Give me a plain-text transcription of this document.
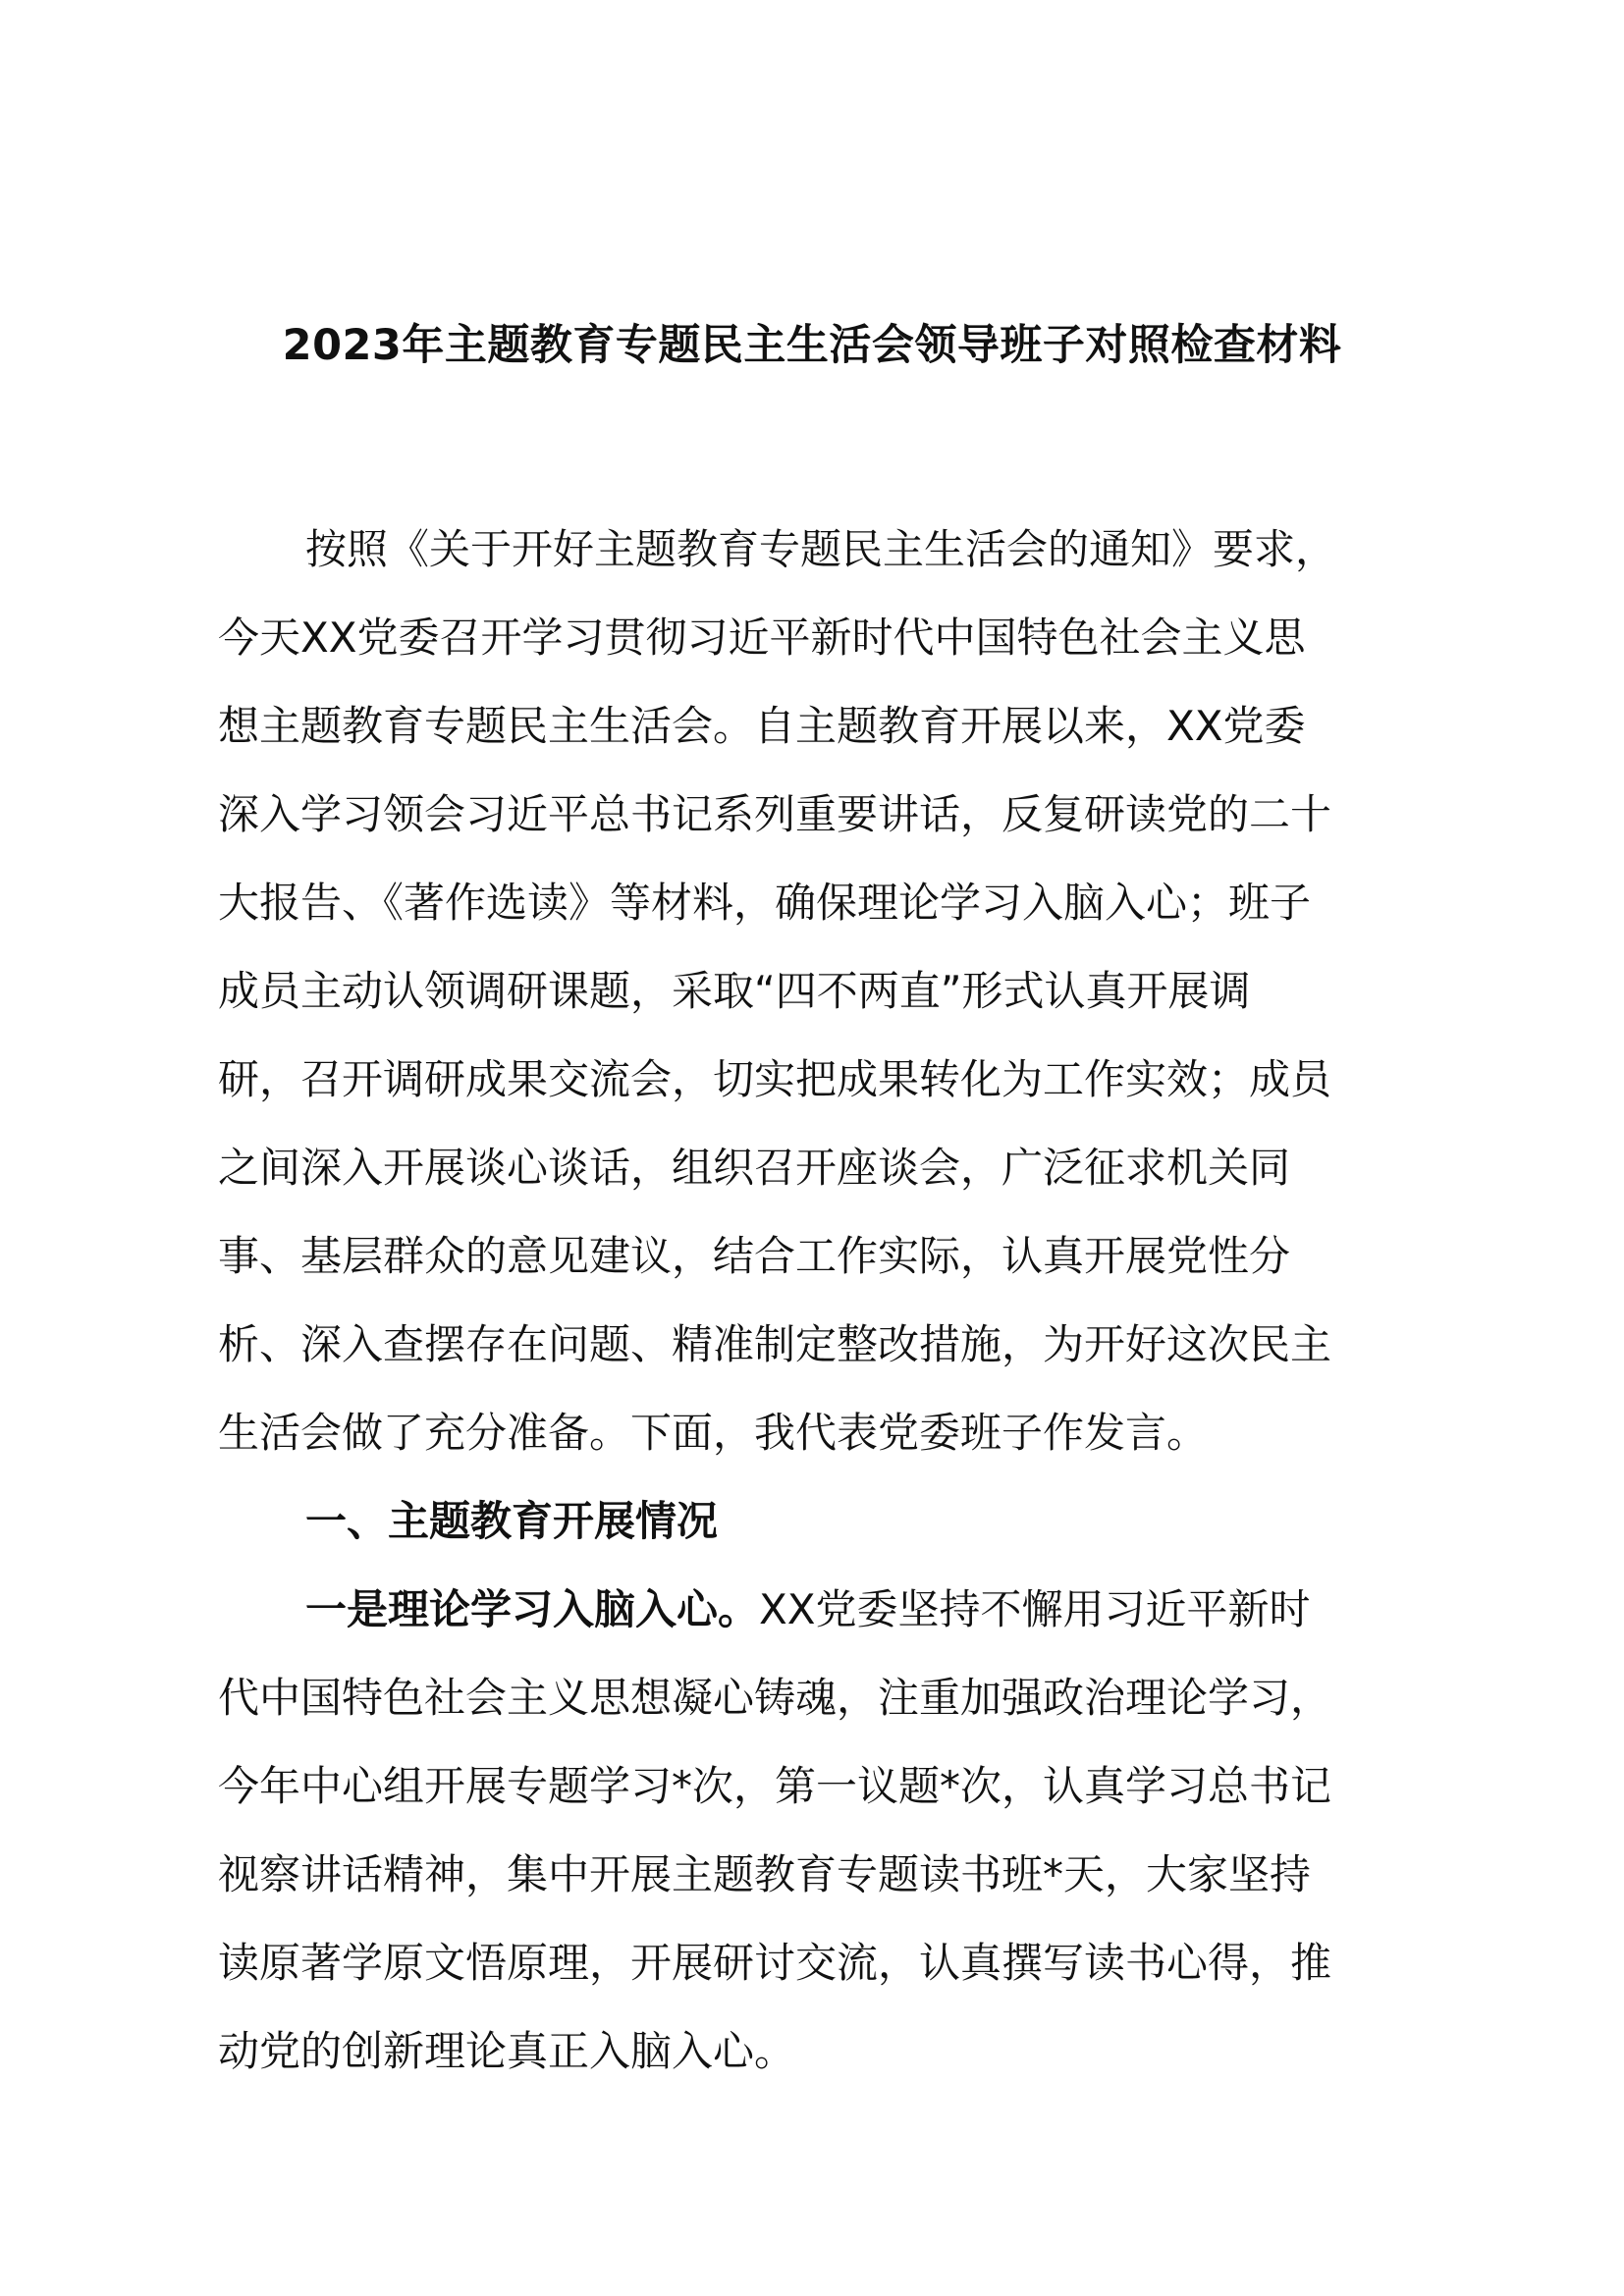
2023年主题教育专题民主生活会领导班子对照检查材料
按照《关于开好主题教育专题民主生活会的通知》要求，
今天XX党委召开学习贯彻习近平新时代中国特色社会主义思
想主题教育专题民主生活会。自主题教育开展以来，XX党委
深入学习领会习近平总书记系列重要讲话，反复研读党的二十
大报告、《著作选读》等材料，确保理论学习入脑入心；班子
成员主动认领调研课题，采取“四不两直”形式认真开展调
研，召开调研成果交流会，切实把成果转化为工作实效；成员
之间深入开展谈心谈话，组织召开座谈会，广泛征求机关同
事、基层群众的意见建议，结合工作实际，认真开展党性分
析、深入查摆存在问题、精准制定整改措施，为开好这次民主
生活会做了充分准备。下面，我代表党委班子作发言。
一、主题教育开展情况
一是理论学习入脑入心。XX党委坚持不懈用习近平新时
代中国特色社会主义思想凝心铸魂，注重加强政治理论学习，
今年中心组开展专题学习*次，第一议题*次，认真学习总书记
视察讲话精神，集中开展主题教育专题读书班*天，大家坚持
读原著学原文悟原理，开展研讨交流，认真撰写读书心得，推
动党的创新理论真正入脑入心。
